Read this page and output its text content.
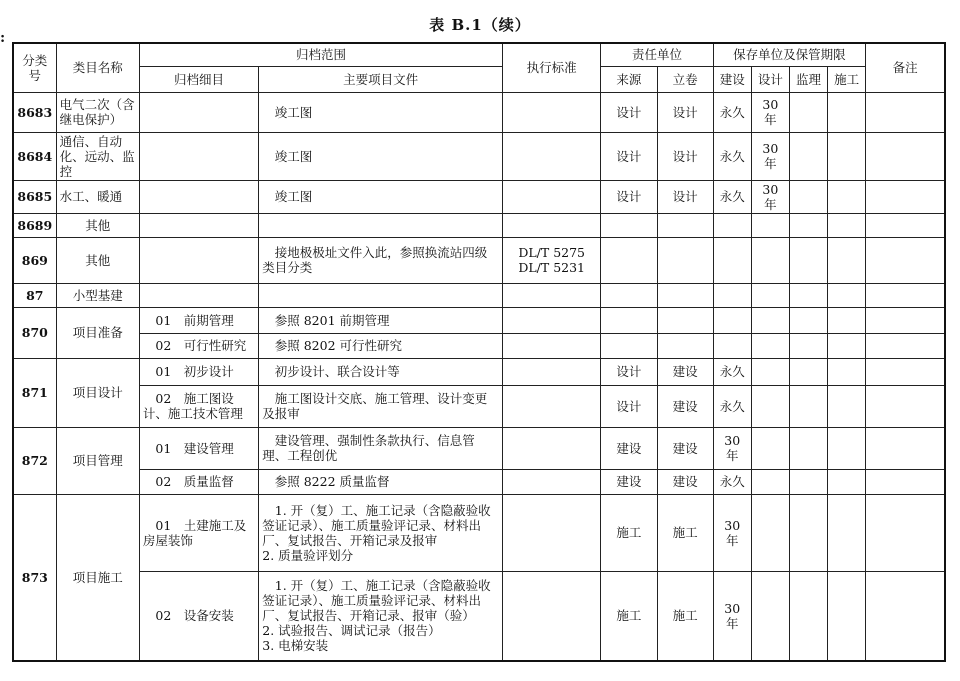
:
表 B.1（续）
分类号	类目名称	归档范围		执行标准	责任单位		保存单位及保管期限				备注
		归档细目	主要项目文件		来源	立卷	建设	设计	监理	施工	
8683	电气二次（含继电保护）		竣工图		设计	设计	永久	30 年			
8684	通信、自动化、远动、监控		竣工图		设计	设计	永久	30 年			
8685	水工、暖通		竣工图		设计	设计	永久	30 年			
8689	其他										
869	其他		接地极极址文件入此，参照换流站四级类目分类	DL/T 5275
DL/T 5231							
87	小型基建										
870	项目准备	01　前期管理	参照 8201 前期管理								
		02　可行性研究	参照 8202 可行性研究								
871	项目设计	01　初步设计	初步设计、联合设计等		设计	建设	永久				
		02　施工图设计、施工技术管理	施工图设计交底、施工管理、设计变更及报审		设计	建设	永久				
872	项目管理	01　建设管理	建设管理、强制性条款执行、信息管理、工程创优		建设	建设	30 年				
		02　质量监督	参照 8222 质量监督		建设	建设	永久				
873	项目施工	01　土建施工及房屋装饰	1. 开（复）工、施工记录（含隐蔽验收签证记录）、施工质量验评记录、材料出厂、复试报告、开箱记录及报审
2. 质量验评划分		施工	施工	30 年				
		02　设备安装	1. 开（复）工、施工记录（含隐蔽验收签证记录）、施工质量验评记录、材料出厂、复试报告、开箱记录、报审（验）
2. 试验报告、调试记录（报告）
3. 电梯安装		施工	施工	30 年				
